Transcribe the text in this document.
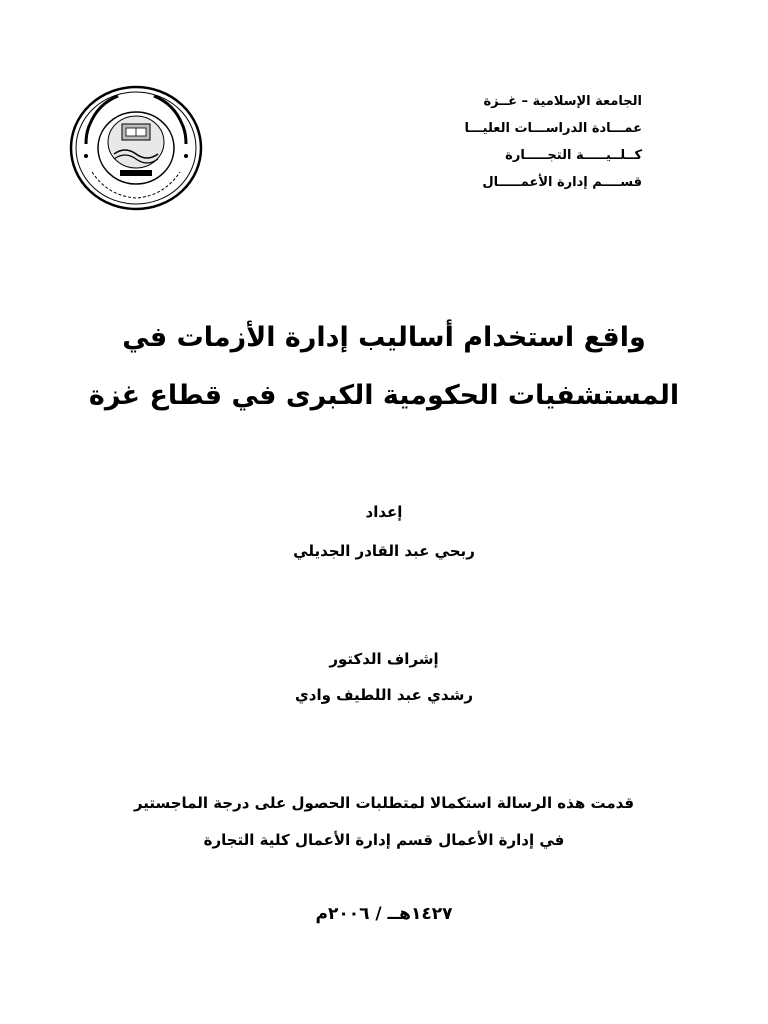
الجامعة الإسلامية – غــزة
عمـــادة الدراســـات العليـــا
كــلــيـــــة التجـــــارة
قســــم إدارة الأعمـــــال
واقع استخدام أساليب إدارة الأزمات في
المستشفيات الحكومية الكبرى في قطاع غزة
إعداد
ربحي عبد القادر الجديلي
إشراف الدكتور
رشدي عبد اللطيف وادي
قدمت هذه الرسالة استكمالا لمتطلبات الحصول على درجة الماجستير
في إدارة الأعمال قسم إدارة الأعمال كلية التجارة
١٤٢٧هــ / ٢٠٠٦م
